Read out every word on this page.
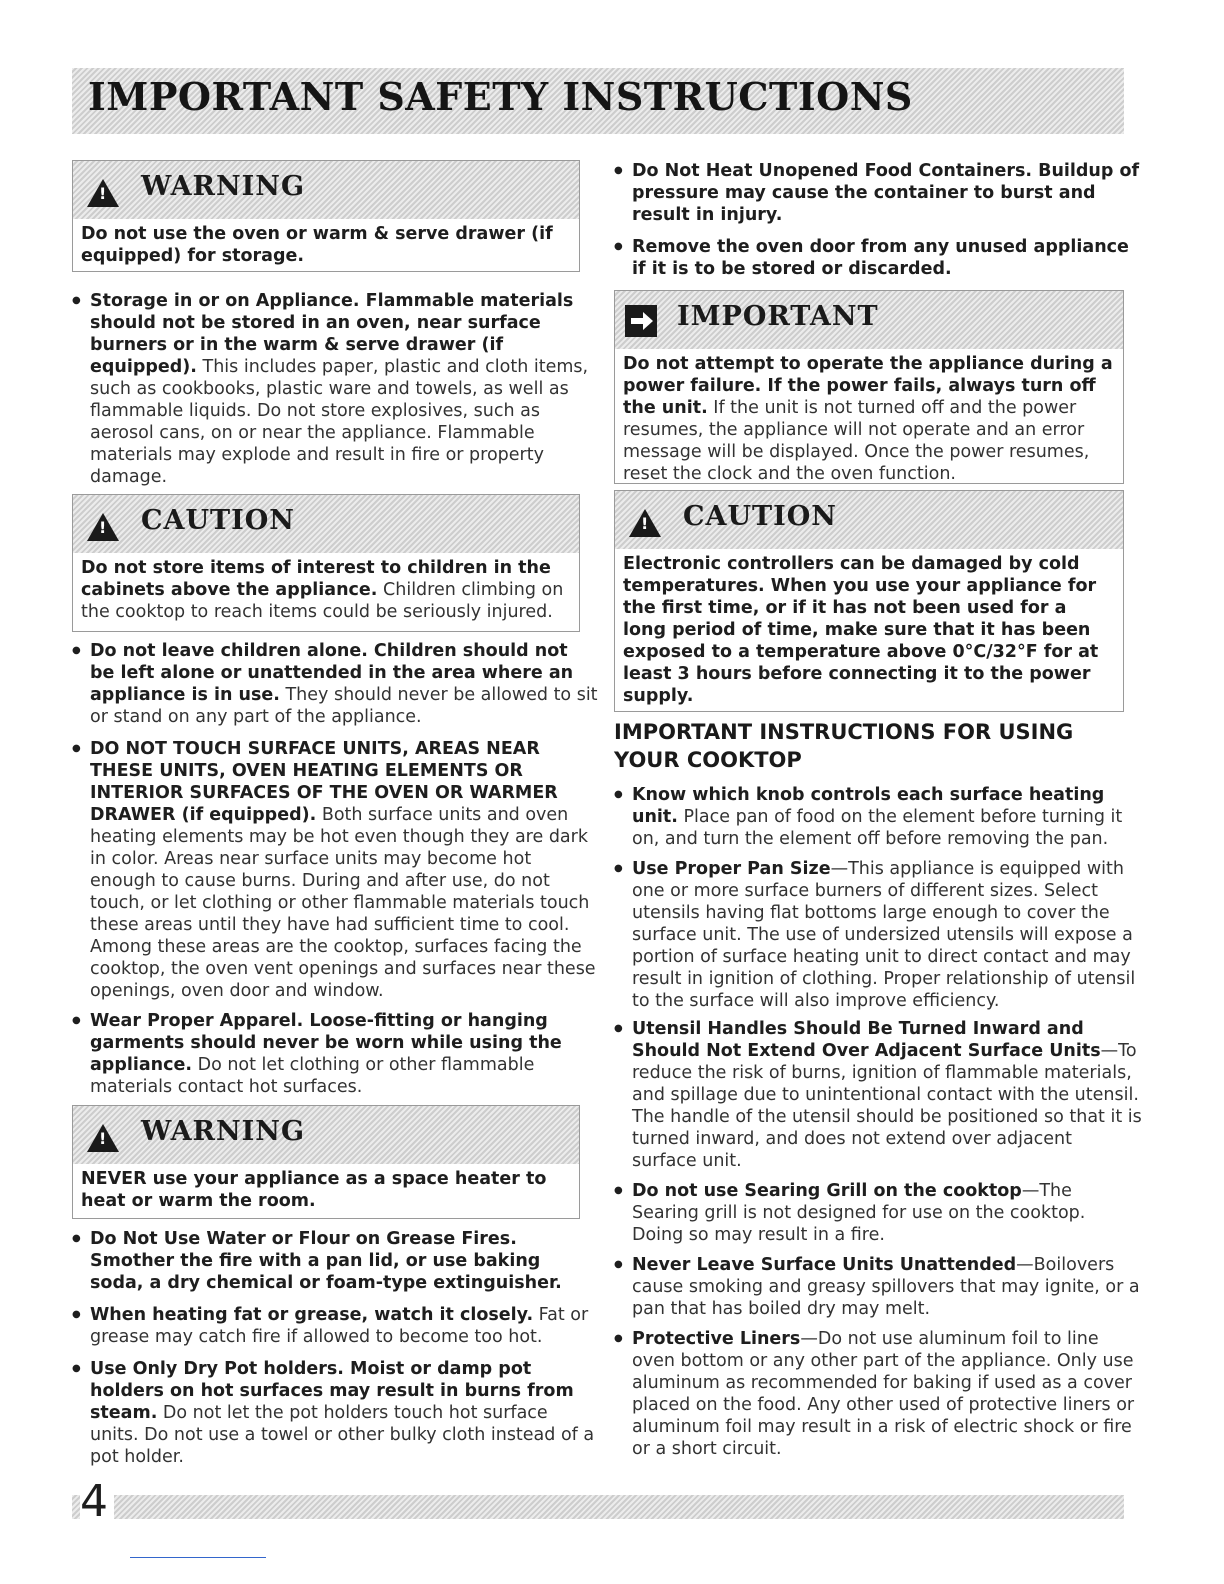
IMPORTANT SAFETY INSTRUCTIONS
!
WARNING
Do not use the oven or warm & serve drawer (if equipped) for storage.
● Storage in or on Appliance. Flammable materials should not be stored in an oven, near surface burners or in the warm & serve drawer (if equipped). This includes paper, plastic and cloth items, such as cookbooks, plastic ware and towels, as well as flammable liquids. Do not store explosives, such as aerosol cans, on or near the appliance. Flammable materials may explode and result in fire or property damage.
!
CAUTION
Do not store items of interest to children in the cabinets above the appliance. Children climbing on the cooktop to reach items could be seriously injured.
● Do not leave children alone. Children should not be left alone or unattended in the area where an appliance is in use. They should never be allowed to sit or stand on any part of the appliance.
● DO NOT TOUCH SURFACE UNITS, AREAS NEAR THESE UNITS, OVEN HEATING ELEMENTS OR INTERIOR SURFACES OF THE OVEN OR WARMER DRAWER (if equipped). Both surface units and oven heating elements may be hot even though they are dark in color. Areas near surface units may become hot enough to cause burns. During and after use, do not touch, or let clothing or other flammable materials touch these areas until they have had sufficient time to cool. Among these areas are the cooktop, surfaces facing the cooktop, the oven vent openings and surfaces near these openings, oven door and window.
● Wear Proper Apparel. Loose-fitting or hanging garments should never be worn while using the appliance. Do not let clothing or other flammable materials contact hot surfaces.
!
WARNING
NEVER use your appliance as a space heater to heat or warm the room.
● Do Not Use Water or Flour on Grease Fires. Smother the fire with a pan lid, or use baking soda, a dry chemical or foam-type extinguisher.
● When heating fat or grease, watch it closely. Fat or grease may catch fire if allowed to become too hot.
● Use Only Dry Pot holders. Moist or damp pot holders on hot surfaces may result in burns from steam. Do not let the pot holders touch hot surface units. Do not use a towel or other bulky cloth instead of a pot holder.
● Do Not Heat Unopened Food Containers. Buildup of pressure may cause the container to burst and result in injury.
● Remove the oven door from any unused appliance if it is to be stored or discarded.
IMPORTANT
Do not attempt to operate the appliance during a power failure. If the power fails, always turn off the unit. If the unit is not turned off and the power resumes, the appliance will not operate and an error message will be displayed. Once the power resumes, reset the clock and the oven function.
!
CAUTION
Electronic controllers can be damaged by cold temperatures. When you use your appliance for the first time, or if it has not been used for a long period of time, make sure that it has been exposed to a temperature above 0°C/32°F for at least 3 hours before connecting it to the power supply.
IMPORTANT INSTRUCTIONS FOR USING YOUR COOKTOP
● Know which knob controls each surface heating unit. Place pan of food on the element before turning it on, and turn the element off before removing the pan.
● Use Proper Pan Size—This appliance is equipped with one or more surface burners of different sizes. Select utensils having flat bottoms large enough to cover the surface unit. The use of undersized utensils will expose a portion of surface heating unit to direct contact and may result in ignition of clothing. Proper relationship of utensil to the surface will also improve efficiency.
● Utensil Handles Should Be Turned Inward and Should Not Extend Over Adjacent Surface Units—To reduce the risk of burns, ignition of flammable materials, and spillage due to unintentional contact with the utensil. The handle of the utensil should be positioned so that it is turned inward, and does not extend over adjacent surface unit.
● Do not use Searing Grill on the cooktop—The Searing grill is not designed for use on the cooktop. Doing so may result in a fire.
● Never Leave Surface Units Unattended—Boilovers cause smoking and greasy spillovers that may ignite, or a pan that has boiled dry may melt.
● Protective Liners—Do not use aluminum foil to line oven bottom or any other part of the appliance. Only use aluminum as recommended for baking if used as a cover placed on the food. Any other used of protective liners or aluminum foil may result in a risk of electric shock or fire or a short circuit.
4
